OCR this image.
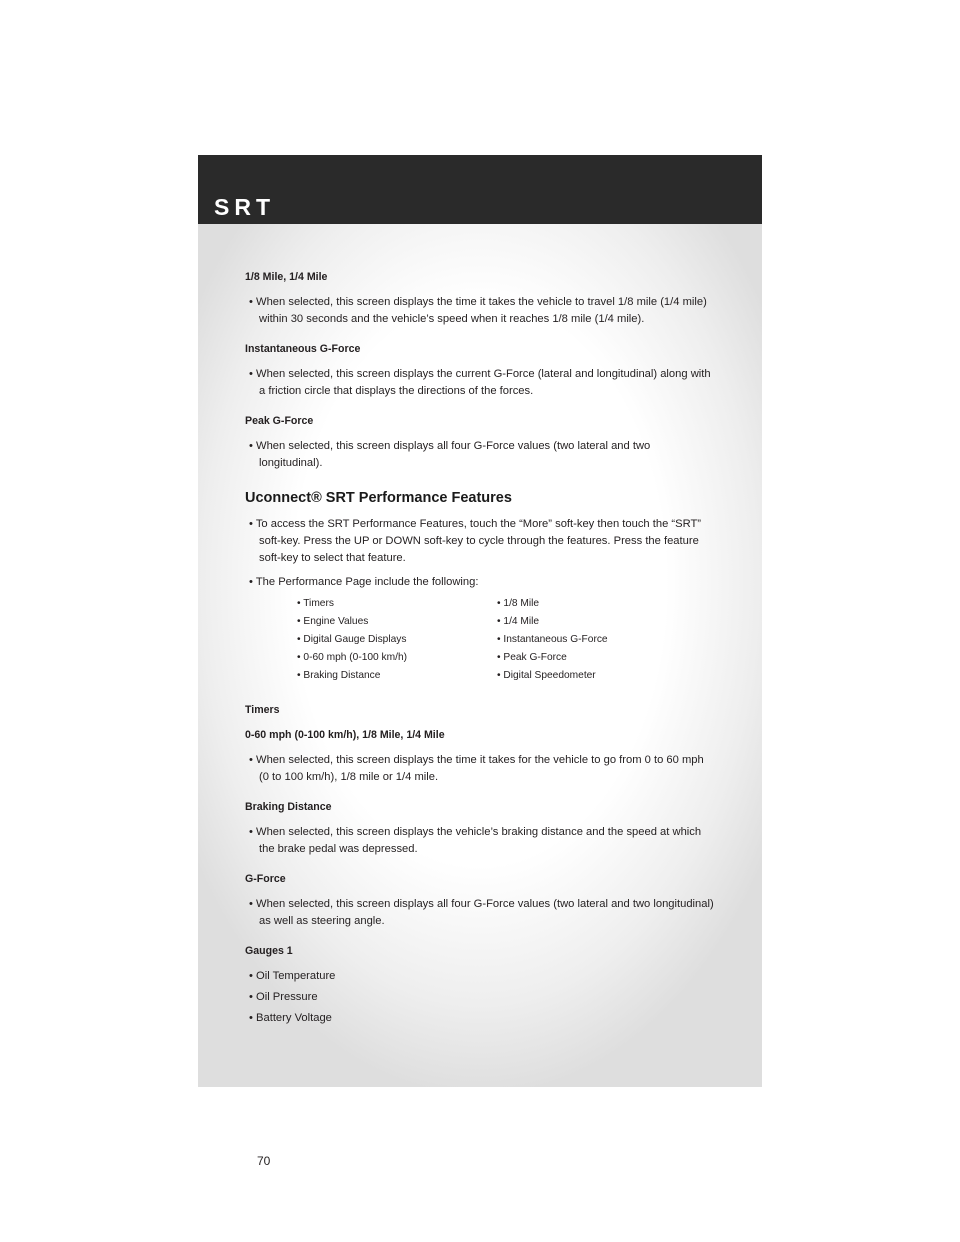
SRT

1/8 Mile, 1/4 Mile

• When selected, this screen displays the time it takes the vehicle to travel 1/8 mile (1/4 mile) within 30 seconds and the vehicle’s speed when it reaches 1/8 mile (1/4 mile).

Instantaneous G-Force

• When selected, this screen displays the current G-Force (lateral and longitudinal) along with a friction circle that displays the directions of the forces.

Peak G-Force

• When selected, this screen displays all four G-Force values (two lateral and two longitudinal).

Uconnect® SRT Performance Features

• To access the SRT Performance Features, touch the “More” soft-key then touch the “SRT” soft-key. Press the UP or DOWN soft-key to cycle through the features. Press the feature soft-key to select that feature.

• The Performance Page include the following:

• Timers
• Engine Values
• Digital Gauge Displays
• 0-60 mph (0-100 km/h)
• Braking Distance
• 1/8 Mile
• 1/4 Mile
• Instantaneous G-Force
• Peak G-Force
• Digital Speedometer

Timers

0-60 mph (0-100 km/h), 1/8 Mile, 1/4 Mile

• When selected, this screen displays the time it takes for the vehicle to go from 0 to 60 mph (0 to 100 km/h), 1/8 mile or 1/4 mile.

Braking Distance

• When selected, this screen displays the vehicle’s braking distance and the speed at which the brake pedal was depressed.

G-Force

• When selected, this screen displays all four G-Force values (two lateral and two longitudinal) as well as steering angle.

Gauges 1

• Oil Temperature

• Oil Pressure

• Battery Voltage

70
